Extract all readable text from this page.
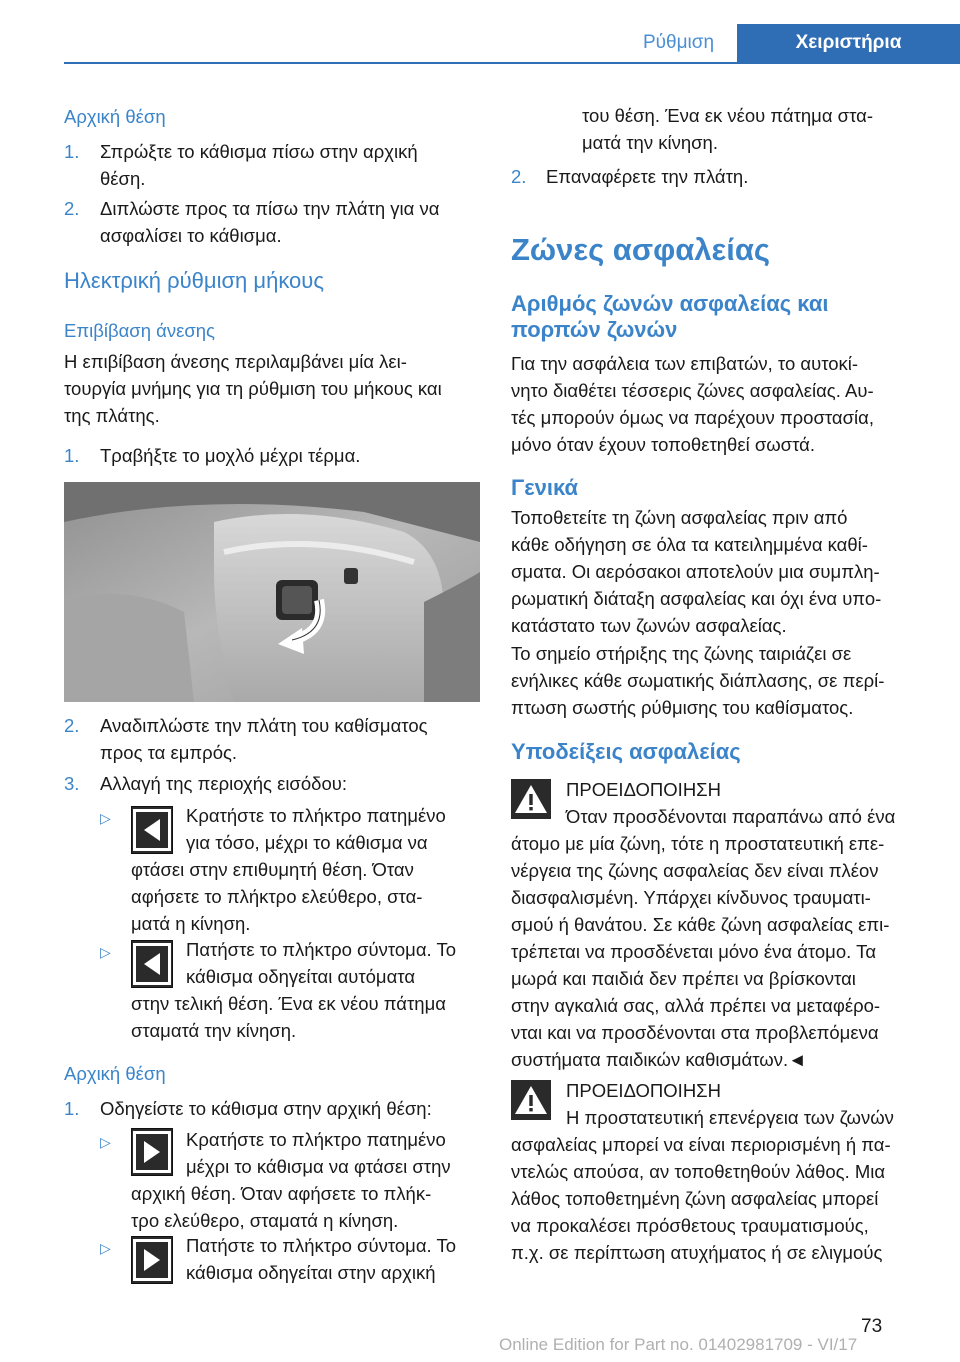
Ρύθμιση	Χειριστήρια
Αρχική θέση
1. Σπρώξτε το κάθισμα πίσω στην αρχική
θέση.
2. Διπλώστε προς τα πίσω την πλάτη για να
ασφαλίσει το κάθισμα.
Ηλεκτρική ρύθμιση μήκους
Επιβίβαση άνεσης
Η επιβίβαση άνεσης περιλαμβάνει μία λει‐
τουργία μνήμης για τη ρύθμιση του μήκους και
της πλάτης.
1. Τραβήξτε το μοχλό μέχρι τέρμα.
2. Αναδιπλώστε την πλάτη του καθίσματος
προς τα εμπρός.
3. Αλλαγή της περιοχής εισόδου:
▷	Κρατήστε το πλήκτρο πατημένο
για τόσο, μέχρι το κάθισμα να
φτάσει στην επιθυμητή θέση. Όταν
αφήσετε το πλήκτρο ελεύθερο, στα‐
ματά η κίνηση.
▷	Πατήστε το πλήκτρο σύντομα. Το
κάθισμα οδηγείται αυτόματα
στην τελική θέση. Ένα εκ νέου πάτημα
σταματά την κίνηση.
Αρχική θέση
1. Οδηγείστε το κάθισμα στην αρχική θέση:
▷	Κρατήστε το πλήκτρο πατημένο
μέχρι το κάθισμα να φτάσει στην
αρχική θέση. Όταν αφήσετε το πλήκ‐
τρο ελεύθερο, σταματά η κίνηση.
▷	Πατήστε το πλήκτρο σύντομα. Το
κάθισμα οδηγείται στην αρχική
του θέση. Ένα εκ νέου πάτημα στα‐
ματά την κίνηση.
2. Επαναφέρετε την πλάτη.
Ζώνες ασφαλείας
Αριθμός ζωνών ασφαλείας και
πορπών ζωνών
Για την ασφάλεια των επιβατών, το αυτοκί‐
νητο διαθέτει τέσσερις ζώνες ασφαλείας. Αυ‐
τές μπορούν όμως να παρέχουν προστασία,
μόνο όταν έχουν τοποθετηθεί σωστά.
Γενικά
Τοποθετείτε τη ζώνη ασφαλείας πριν από
κάθε οδήγηση σε όλα τα κατειλημμένα καθί‐
σματα. Οι αερόσακοι αποτελούν μια συμπλη‐
ρωματική διάταξη ασφαλείας και όχι ένα υπο‐
κατάστατο των ζωνών ασφαλείας.
Το σημείο στήριξης της ζώνης ταιριάζει σε
ενήλικες κάθε σωματικής διάπλασης, σε περί‐
πτωση σωστής ρύθμισης του καθίσματος.
Υποδείξεις ασφαλείας
ΠΡΟΕΙΔΟΠΟΙΗΣΗ
Όταν προσδένονται παραπάνω από ένα
άτομο με μία ζώνη, τότε η προστατευτική επε‐
νέργεια της ζώνης ασφαλείας δεν είναι πλέον
διασφαλισμένη. Υπάρχει κίνδυνος τραυματι‐
σμού ή θανάτου. Σε κάθε ζώνη ασφαλείας επι‐
τρέπεται να προσδένεται μόνο ένα άτομο. Τα
μωρά και παιδιά δεν πρέπει να βρίσκονται
στην αγκαλιά σας, αλλά πρέπει να μεταφέρο‐
νται και να προσδένονται στα προβλεπόμενα
συστήματα παιδικών καθισμάτων.◄
ΠΡΟΕΙΔΟΠΟΙΗΣΗ
Η προστατευτική επενέργεια των ζωνών
ασφαλείας μπορεί να είναι περιορισμένη ή πα‐
ντελώς απούσα, αν τοποθετηθούν λάθος. Μια
λάθος τοποθετημένη ζώνη ασφαλείας μπορεί
να προκαλέσει πρόσθετους τραυματισμούς,
π.χ. σε περίπτωση ατυχήματος ή σε ελιγμούς
73
Online Edition for Part no. 01402981709 - VI/17
